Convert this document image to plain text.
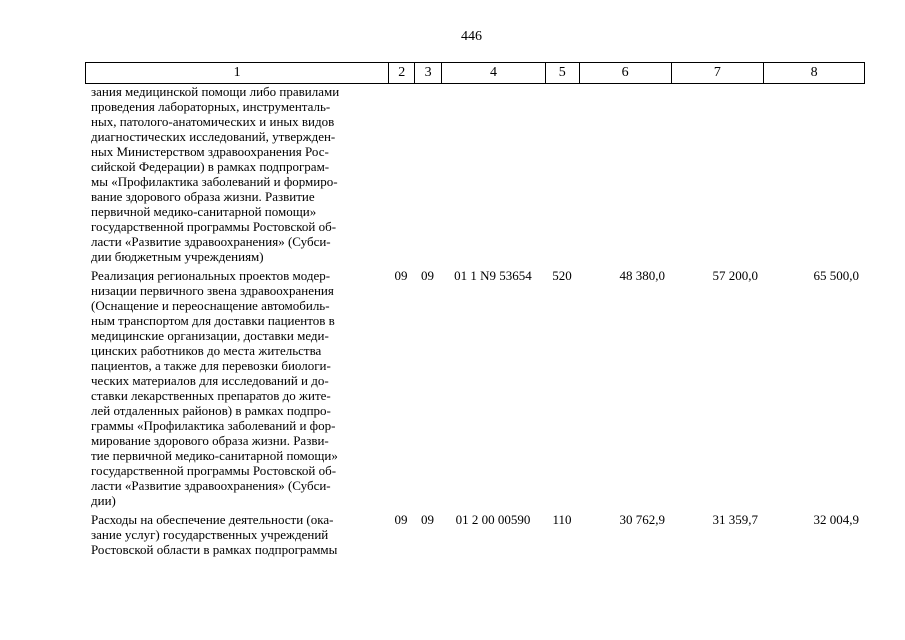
446
1	2	3	4	5	6	7	8
зания медицинской помощи либо правилами
проведения лабораторных, инструменталь-
ных, патолого-анатомических и иных видов
диагностических исследований, утвержден-
ных Министерством здравоохранения Рос-
сийской Федерации) в рамках подпрограм-
мы «Профилактика заболеваний и формиро-
вание здорового образа жизни. Развитие
первичной медико-санитарной помощи»
государственной программы Ростовской об-
ласти «Развитие здравоохранения» (Субси-
дии бюджетным учреждениям)
Реализация региональных проектов модер-
низации первичного звена здравоохранения
(Оснащение и переоснащение автомобиль-
ным транспортом для доставки пациентов в
медицинские организации, доставки меди-
цинских работников до места жительства
пациентов, а также для перевозки биологи-
ческих материалов для исследований и до-
ставки лекарственных препаратов до жите-
лей отдаленных районов) в рамках подпро-
граммы «Профилактика заболеваний и фор-
мирование здорового образа жизни. Разви-
тие первичной медико-санитарной помощи»
государственной программы Ростовской об-
ласти «Развитие здравоохранения» (Субси-
дии)
09	09	01 1 N9 53654	520	48 380,0	57 200,0	65 500,0
Расходы на обеспечение деятельности (ока-
зание услуг) государственных учреждений
Ростовской области в рамках подпрограммы
09	09	01 2 00 00590	110	30 762,9	31 359,7	32 004,9
